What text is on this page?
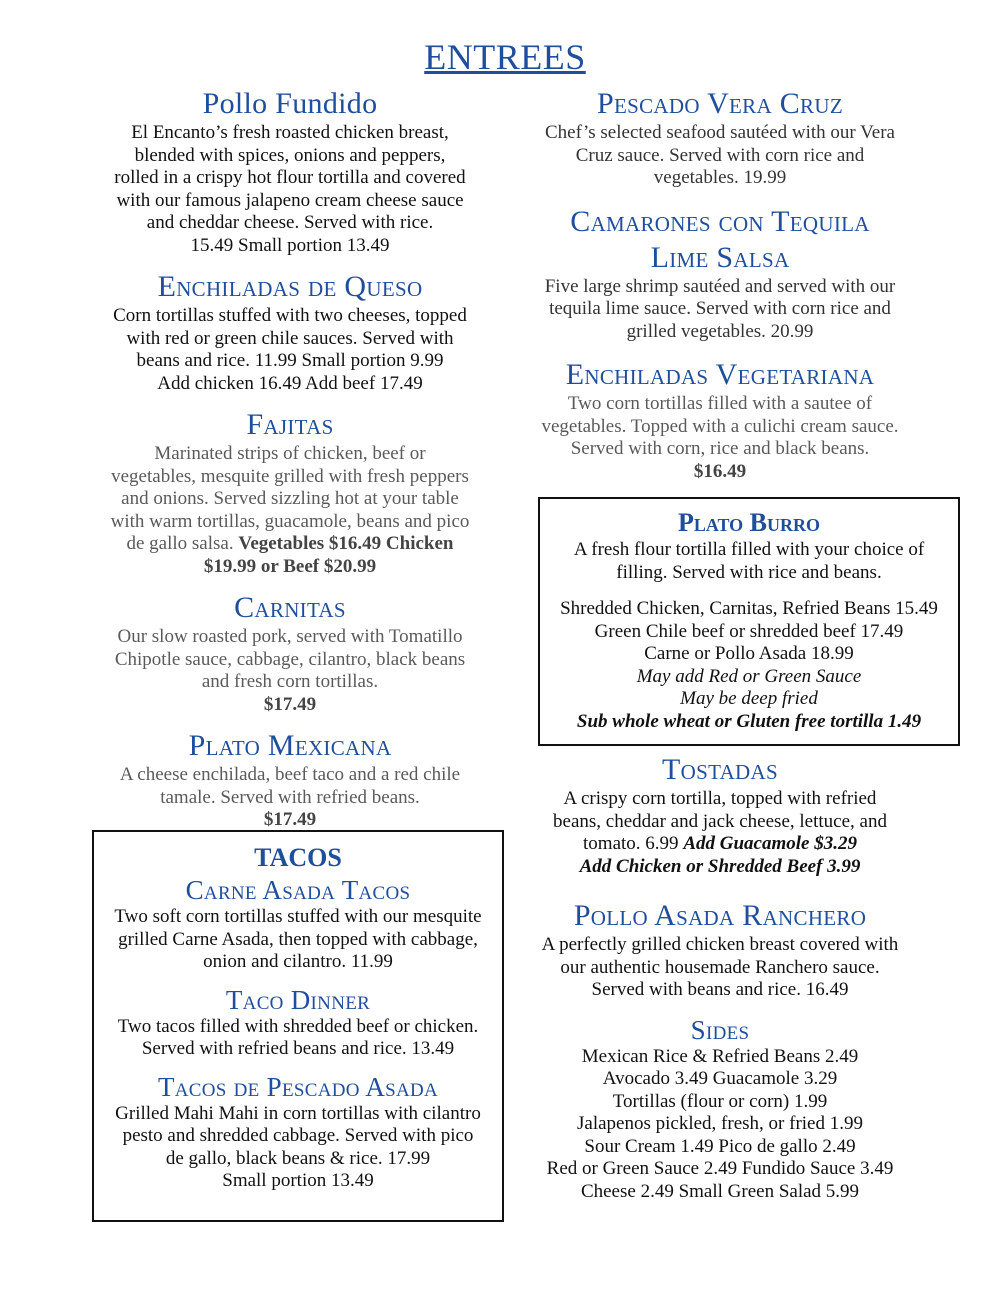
ENTREES
Pollo Fundido

El Encanto’s fresh roasted chicken breast,
blended with spices, onions and peppers,
rolled in a crispy hot flour tortilla and covered
with our famous jalapeno cream cheese sauce
and cheddar cheese. Served with rice.
15.49 Small portion 13.49

Enchiladas de Queso

Corn tortillas stuffed with two cheeses, topped
with red or green chile sauces. Served with
beans and rice. 11.99 Small portion 9.99
Add chicken 16.49 Add beef 17.49

Fajitas

Marinated strips of chicken, beef or
vegetables, mesquite grilled with fresh peppers
and onions. Served sizzling hot at your table
with warm tortillas, guacamole, beans and pico
de gallo salsa. Vegetables $16.49 Chicken
$19.99 or Beef $20.99

Carnitas

Our slow roasted pork, served with Tomatillo
Chipotle sauce, cabbage, cilantro, black beans
and fresh corn tortillas.
$17.49

Plato Mexicana

A cheese enchilada, beef taco and a red chile
tamale. Served with refried beans.
$17.49

TACOS
Carne Asada Tacos

Two soft corn tortillas stuffed with our mesquite
grilled Carne Asada, then topped with cabbage,
onion and cilantro. 11.99

Taco Dinner

Two tacos filled with shredded beef or chicken.
Served with refried beans and rice. 13.49

Tacos de Pescado Asada

Grilled Mahi Mahi in corn tortillas with cilantro
pesto and shredded cabbage. Served with pico
de gallo, black beans & rice. 17.99
Small portion 13.49

Pescado Vera Cruz

Chef’s selected seafood sautéed with our Vera
Cruz sauce. Served with corn rice and
vegetables. 19.99

Camarones con Tequila
Lime Salsa

Five large shrimp sautéed and served with our
tequila lime sauce. Served with corn rice and
grilled vegetables. 20.99

Enchiladas Vegetariana

Two corn tortillas filled with a sautee of
vegetables. Topped with a culichi cream sauce.
Served with corn, rice and black beans.
$16.49

Plato Burro

A fresh flour tortilla filled with your choice of
filling. Served with rice and beans.

Shredded Chicken, Carnitas, Refried Beans 15.49
Green Chile beef or shredded beef 17.49
Carne or Pollo Asada 18.99
May add Red or Green Sauce
May be deep fried
Sub whole wheat or Gluten free tortilla 1.49

Tostadas

A crispy corn tortilla, topped with refried
beans, cheddar and jack cheese, lettuce, and
tomato. 6.99 Add Guacamole $3.29
Add Chicken or Shredded Beef 3.99

Pollo Asada Ranchero

A perfectly grilled chicken breast covered with
our authentic housemade Ranchero sauce.
Served with beans and rice. 16.49

Sides

Mexican Rice & Refried Beans 2.49
Avocado 3.49 Guacamole 3.29
Tortillas (flour or corn) 1.99
Jalapenos pickled, fresh, or fried 1.99
Sour Cream 1.49 Pico de gallo 2.49
Red or Green Sauce 2.49 Fundido Sauce 3.49
Cheese 2.49 Small Green Salad 5.99
